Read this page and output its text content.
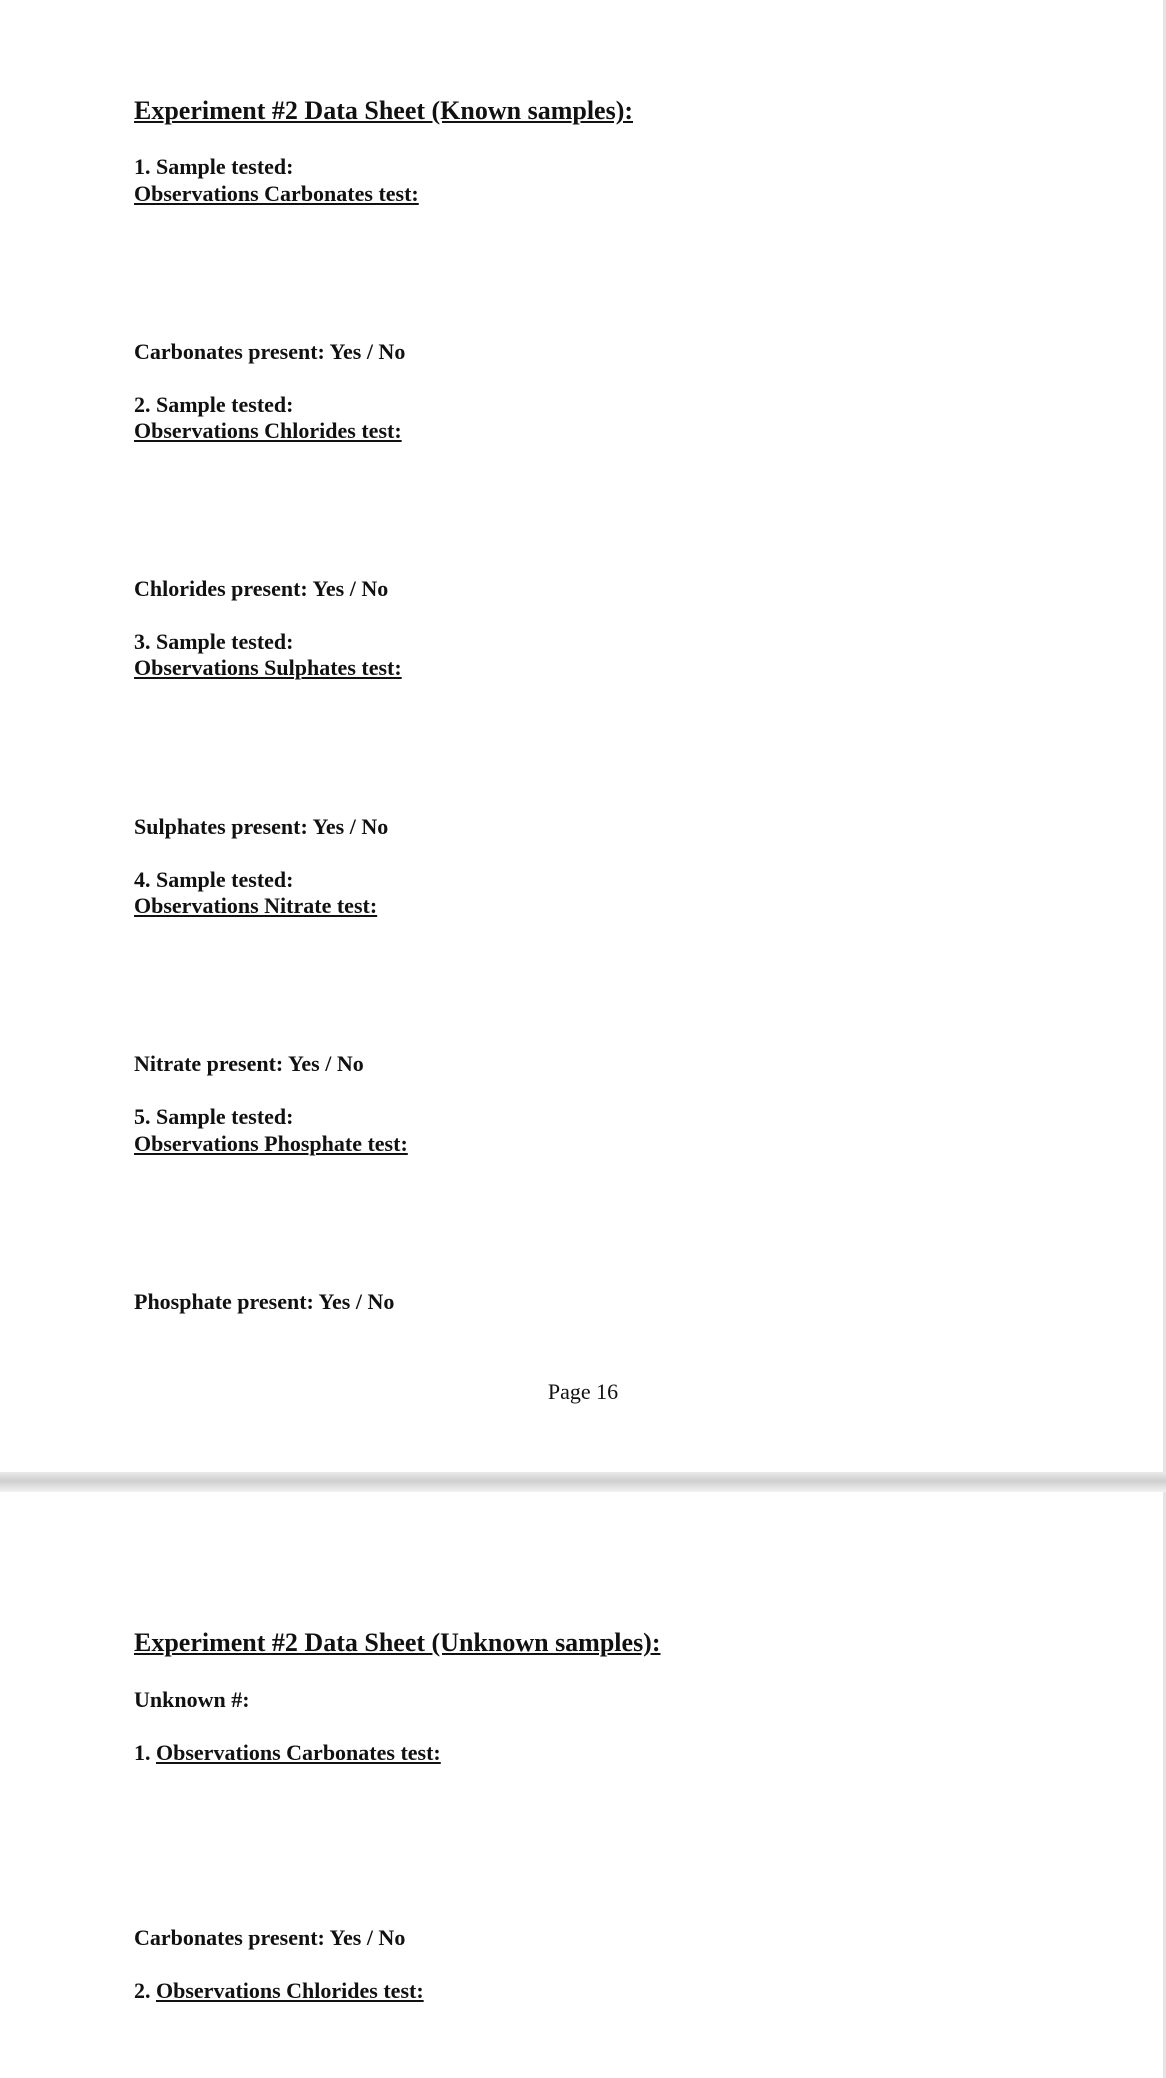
Experiment #2 Data Sheet (Known samples):

1. Sample tested:

Observations Carbonates test:

Carbonates present: Yes / No

2. Sample tested:

Observations Chlorides test:

Chlorides present: Yes / No

3. Sample tested:

Observations Sulphates test:

Sulphates present: Yes / No

4. Sample tested:

Observations Nitrate test:

Nitrate present: Yes / No

5. Sample tested:

Observations Phosphate test:

Phosphate present: Yes / No

Page 16

Experiment #2 Data Sheet (Unknown samples):

Unknown #:

1. Observations Carbonates test:

Carbonates present: Yes / No

2. Observations Chlorides test:
